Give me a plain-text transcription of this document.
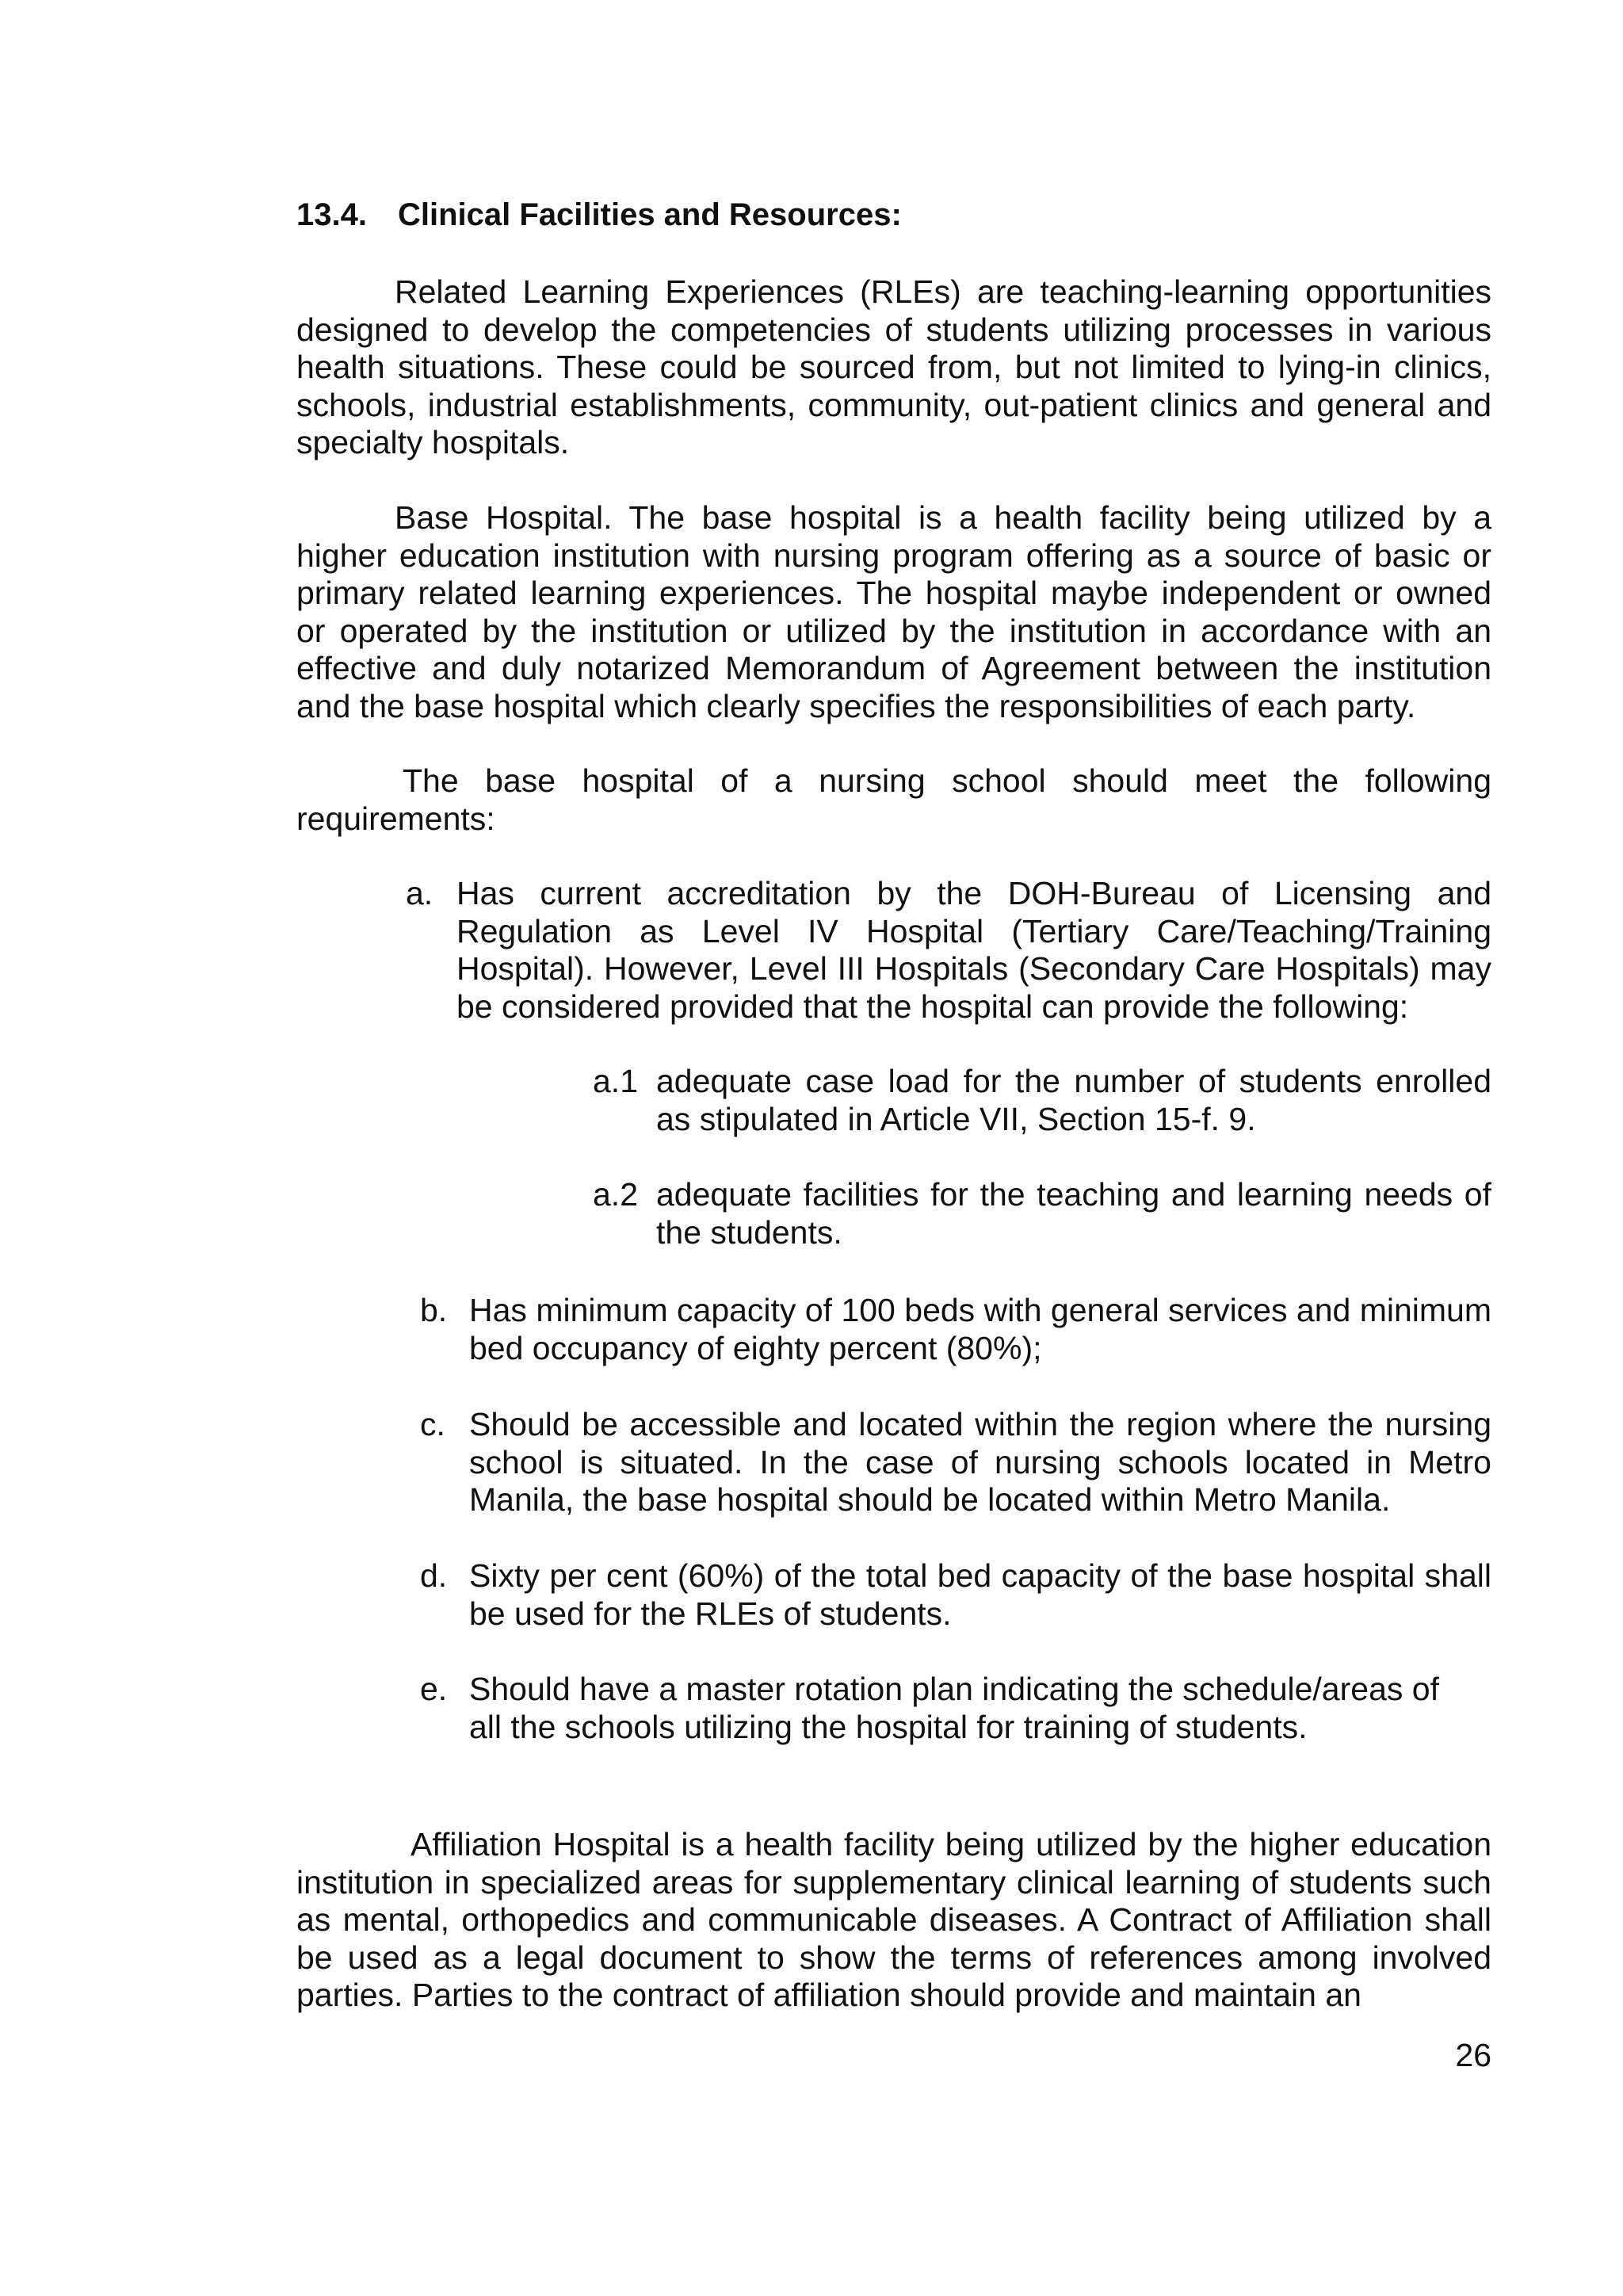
13.4. Clinical Facilities and Resources:
Related Learning Experiences (RLEs) are teaching-learning opportunities designed to develop the competencies of students utilizing processes in various health situations. These could be sourced from, but not limited to lying-in clinics, schools, industrial establishments, community, out-patient clinics and general and specialty hospitals.
Base Hospital. The base hospital is a health facility being utilized by a higher education institution with nursing program offering as a source of basic or primary related learning experiences. The hospital maybe independent or owned or operated by the institution or utilized by the institution in accordance with an effective and duly notarized Memorandum of Agreement between the institution and the base hospital which clearly specifies the responsibilities of each party.
The base hospital of a nursing school should meet the following requirements:
a. Has current accreditation by the DOH-Bureau of Licensing and Regulation as Level IV Hospital (Tertiary Care/Teaching/Training Hospital). However, Level III Hospitals (Secondary Care Hospitals) may be considered provided that the hospital can provide the following:
a.1 adequate case load for the number of students enrolled as stipulated in Article VII, Section 15-f. 9.
a.2 adequate facilities for the teaching and learning needs of the students.
b. Has minimum capacity of 100 beds with general services and minimum bed occupancy of eighty percent (80%);
c. Should be accessible and located within the region where the nursing school is situated. In the case of nursing schools located in Metro Manila, the base hospital should be located within Metro Manila.
d. Sixty per cent (60%) of the total bed capacity of the base hospital shall be used for the RLEs of students.
e. Should have a master rotation plan indicating the schedule/areas of all the schools utilizing the hospital for training of students.
Affiliation Hospital is a health facility being utilized by the higher education institution in specialized areas for supplementary clinical learning of students such as mental, orthopedics and communicable diseases. A Contract of Affiliation shall be used as a legal document to show the terms of references among involved parties. Parties to the contract of affiliation should provide and maintain an
26
